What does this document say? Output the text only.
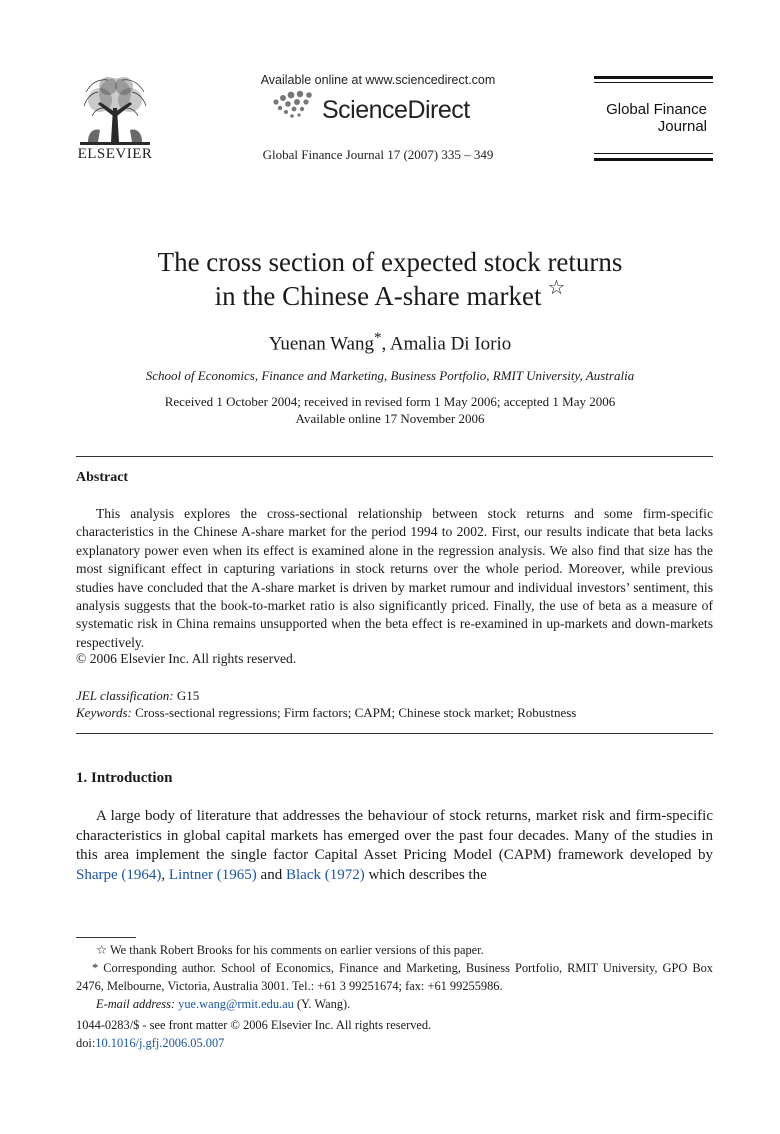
ELSEVIER
Available online at www.sciencedirect.com
ScienceDirect
Global Finance Journal 17 (2007) 335 – 349
Global Finance
Journal
The cross section of expected stock returns
in the Chinese A-share market ☆
Yuenan Wang*, Amalia Di Iorio
School of Economics, Finance and Marketing, Business Portfolio, RMIT University, Australia
Received 1 October 2004; received in revised form 1 May 2006; accepted 1 May 2006
Available online 17 November 2006
Abstract

This analysis explores the cross-sectional relationship between stock returns and some firm-specific characteristics in the Chinese A-share market for the period 1994 to 2002. First, our results indicate that beta lacks explanatory power even when its effect is examined alone in the regression analysis. We also find that size has the most significant effect in capturing variations in stock returns over the whole period. Moreover, while previous studies have concluded that the A-share market is driven by market rumour and individual investors’ sentiment, this analysis suggests that the book-to-market ratio is also significantly priced. Finally, the use of beta as a measure of systematic risk in China remains unsupported when the beta effect is re-examined in up-markets and down-markets respectively.

© 2006 Elsevier Inc. All rights reserved.
JEL classification: G15
Keywords: Cross-sectional regressions; Firm factors; CAPM; Chinese stock market; Robustness
1. Introduction

A large body of literature that addresses the behaviour of stock returns, market risk and firm-specific characteristics in global capital markets has emerged over the past four decades. Many of the studies in this area implement the single factor Capital Asset Pricing Model (CAPM) framework developed by Sharpe (1964), Lintner (1965) and Black (1972) which describes the

☆ We thank Robert Brooks for his comments on earlier versions of this paper.

* Corresponding author. School of Economics, Finance and Marketing, Business Portfolio, RMIT University, GPO Box 2476, Melbourne, Victoria, Australia 3001. Tel.: +61 3 99251674; fax: +61 99255986.

E-mail address: yue.wang@rmit.edu.au (Y. Wang).

1044-0283/$ - see front matter © 2006 Elsevier Inc. All rights reserved.
doi:10.1016/j.gfj.2006.05.007
